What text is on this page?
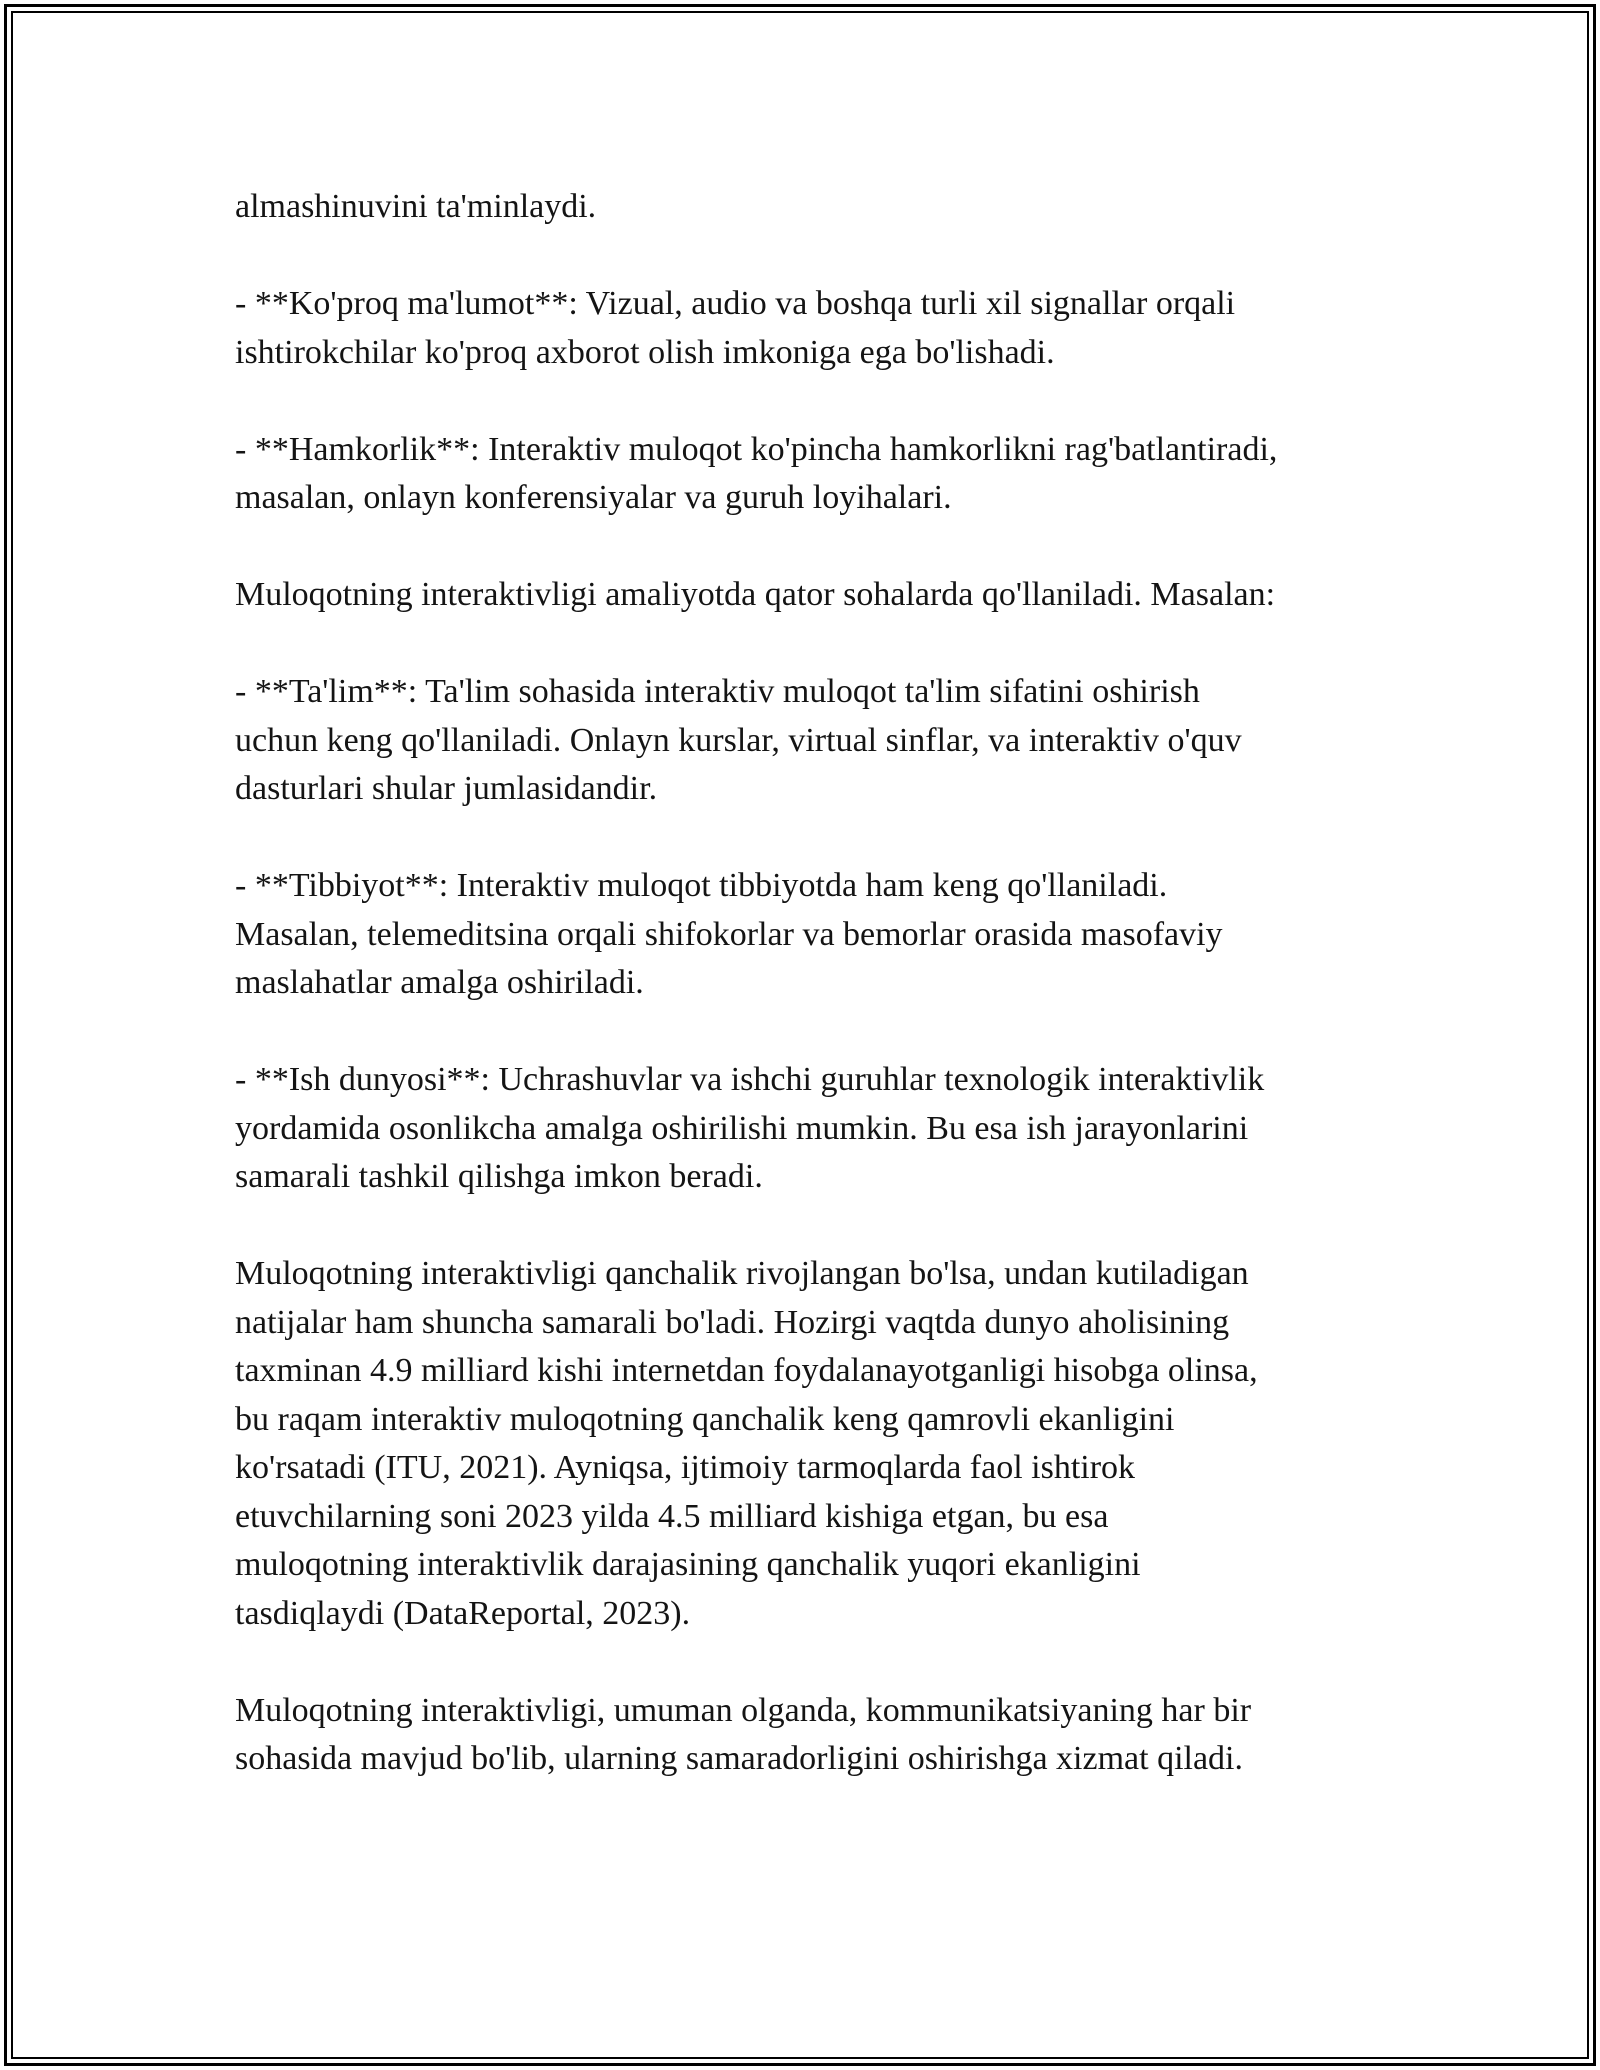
almashinuvini ta'minlaydi.

- **Ko'proq ma'lumot**: Vizual, audio va boshqa turli xil signallar orqali
ishtirokchilar ko'proq axborot olish imkoniga ega bo'lishadi.

- **Hamkorlik**: Interaktiv muloqot ko'pincha hamkorlikni rag'batlantiradi,
masalan, onlayn konferensiyalar va guruh loyihalari.

Muloqotning interaktivligi amaliyotda qator sohalarda qo'llaniladi. Masalan:

- **Ta'lim**: Ta'lim sohasida interaktiv muloqot ta'lim sifatini oshirish
uchun keng qo'llaniladi. Onlayn kurslar, virtual sinflar, va interaktiv o'quv
dasturlari shular jumlasidandir.

- **Tibbiyot**: Interaktiv muloqot tibbiyotda ham keng qo'llaniladi.
Masalan, telemeditsina orqali shifokorlar va bemorlar orasida masofaviy
maslahatlar amalga oshiriladi.

- **Ish dunyosi**: Uchrashuvlar va ishchi guruhlar texnologik interaktivlik
yordamida osonlikcha amalga oshirilishi mumkin. Bu esa ish jarayonlarini
samarali tashkil qilishga imkon beradi.

Muloqotning interaktivligi qanchalik rivojlangan bo'lsa, undan kutiladigan
natijalar ham shuncha samarali bo'ladi. Hozirgi vaqtda dunyo aholisining
taxminan 4.9 milliard kishi internetdan foydalanayotganligi hisobga olinsa,
bu raqam interaktiv muloqotning qanchalik keng qamrovli ekanligini
ko'rsatadi (ITU, 2021). Ayniqsa, ijtimoiy tarmoqlarda faol ishtirok
etuvchilarning soni 2023 yilda 4.5 milliard kishiga etgan, bu esa
muloqotning interaktivlik darajasining qanchalik yuqori ekanligini
tasdiqlaydi (DataReportal, 2023).

Muloqotning interaktivligi, umuman olganda, kommunikatsiyaning har bir
sohasida mavjud bo'lib, ularning samaradorligini oshirishga xizmat qiladi.
